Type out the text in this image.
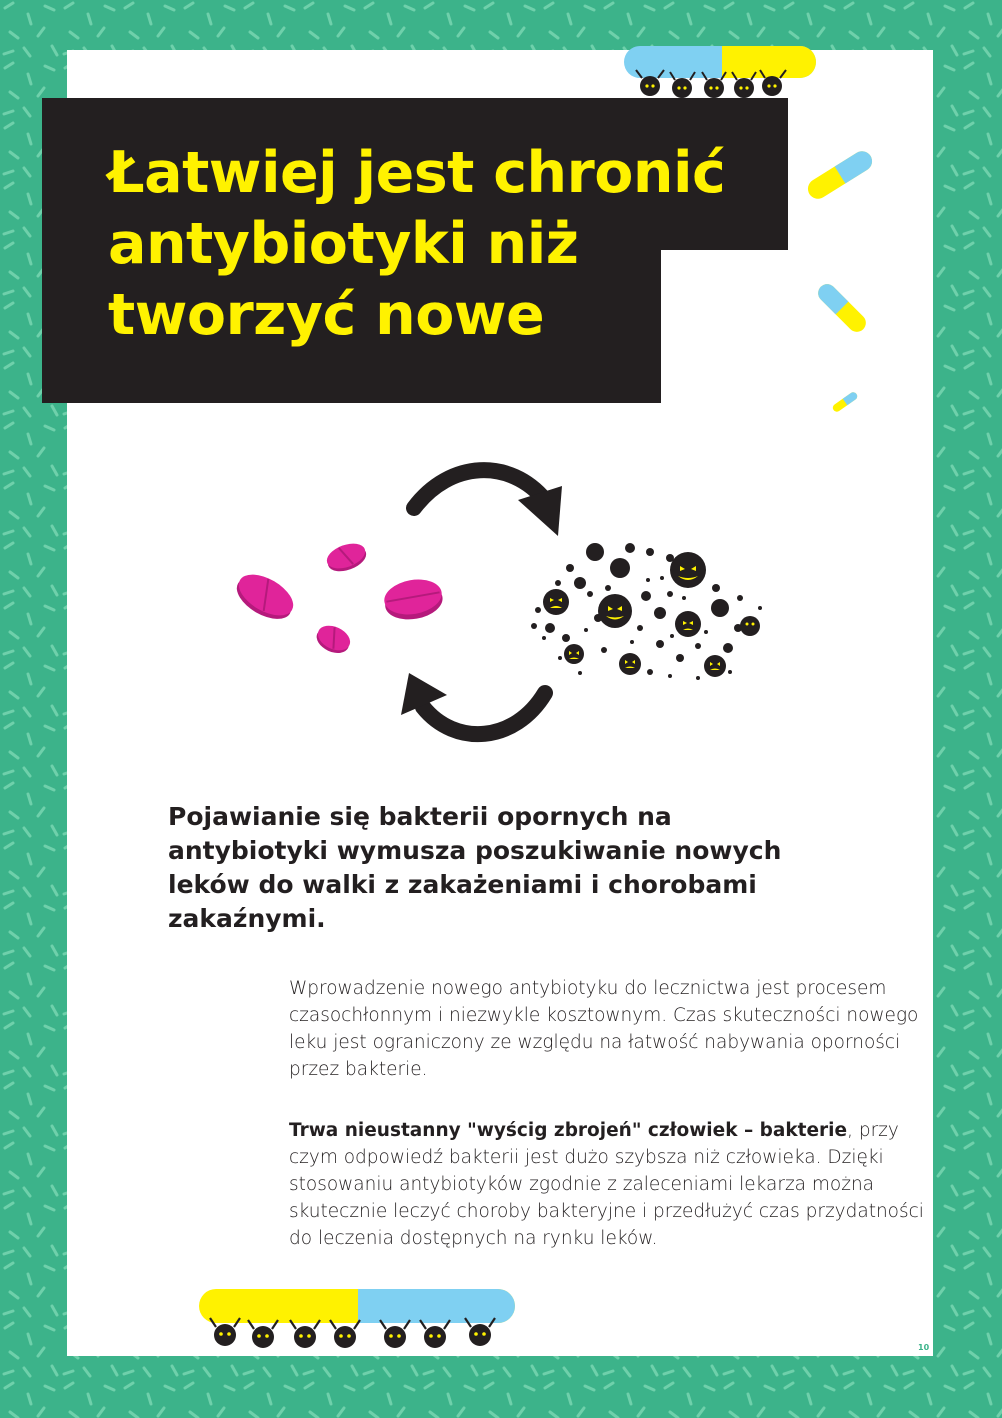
Łatwiej jest chronić antybiotyki niż tworzyć nowe

Pojawianie się bakterii opornych na antybiotyki wymusza poszukiwanie nowych leków do walki z zakażeniami i chorobami zakaźnymi.

Wprowadzenie nowego antybiotyku do lecznictwa jest procesem czasochłonnym i niezwykle kosztownym. Czas skuteczności nowego leku jest ograniczony ze względu na łatwość nabywania oporności przez bakterie.

Trwa nieustanny "wyścig zbrojeń" człowiek – bakterie, przy czym odpowiedź bakterii jest dużo szybsza niż człowieka. Dzięki stosowaniu antybiotyków zgodnie z zaleceniami lekarza można skutecznie leczyć choroby bakteryjne i przedłużyć czas przydatności do leczenia dostępnych na rynku leków.

10
